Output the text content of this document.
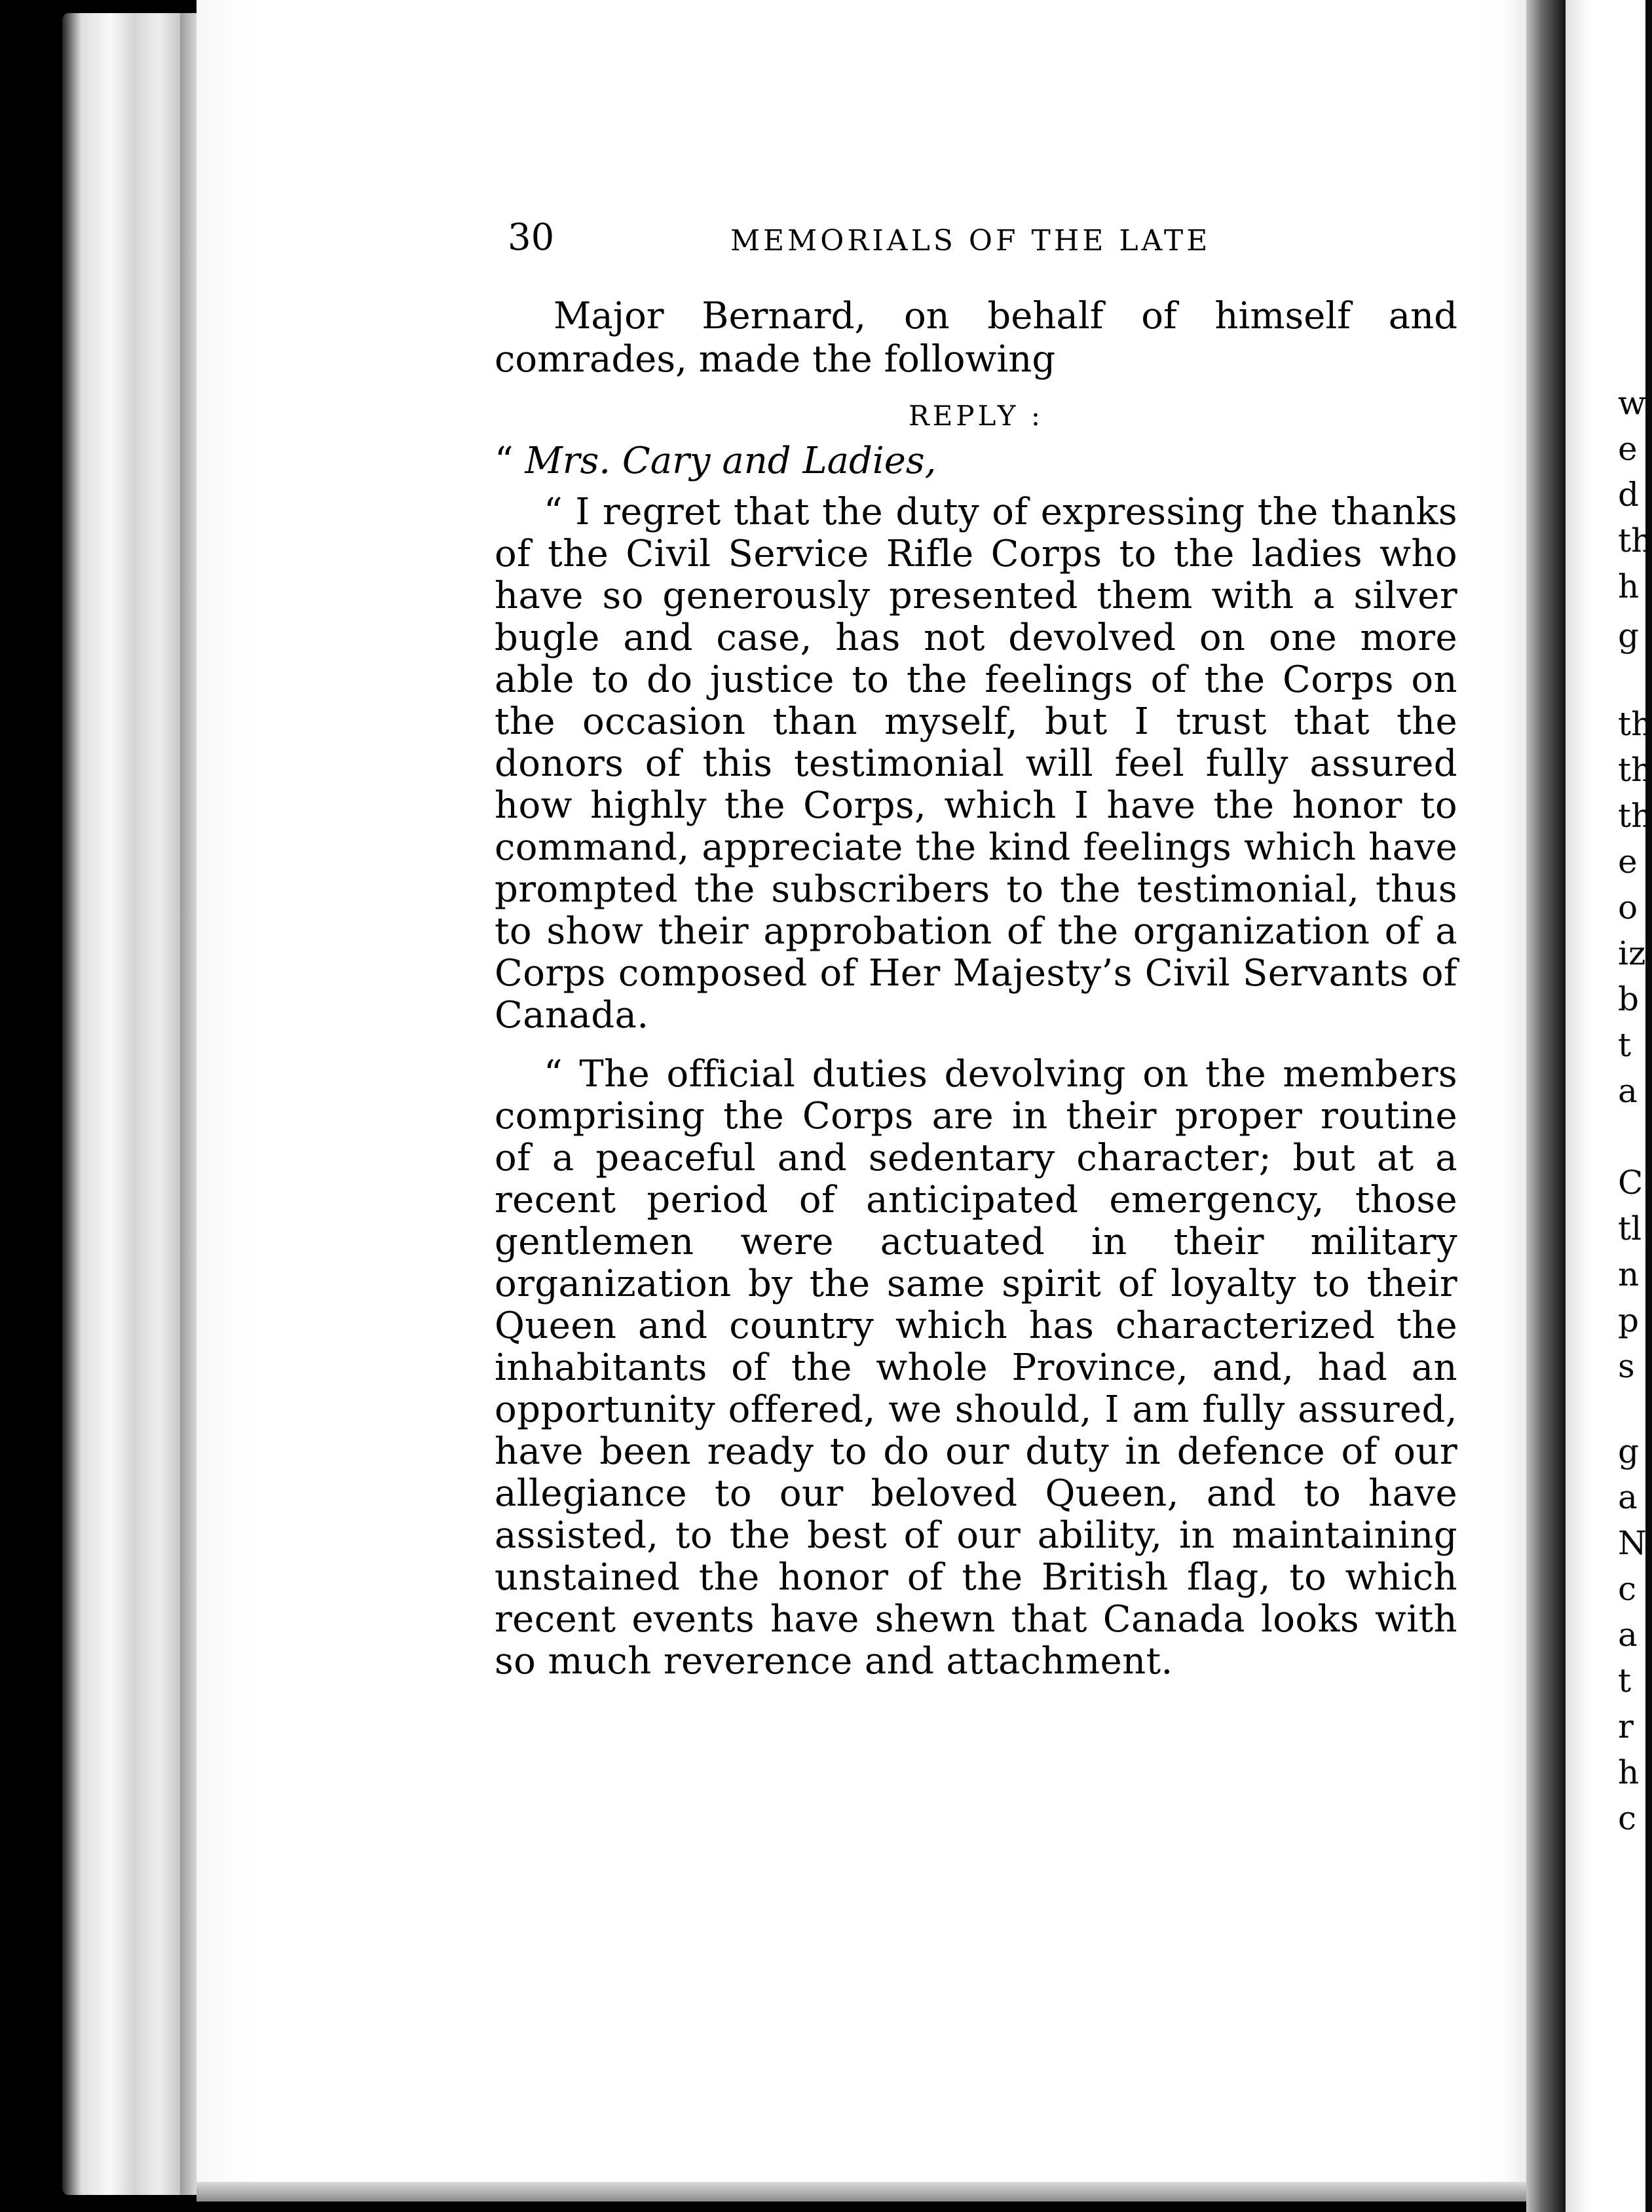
30	MEMORIALS OF THE LATE

Major Bernard, on behalf of himself and comrades, made the following

REPLY :
“ Mrs. Cary and Ladies,

“ I regret that the duty of expressing the thanks of the Civil Service Rifle Corps to the ladies who have so generously presented them with a silver bugle and case, has not devolved on one more able to do justice to the feelings of the Corps on the occasion than myself, but I trust that the donors of this testimonial will feel fully assured how highly the Corps, which I have the honor to command, appreciate the kind feelings which have prompted the subscribers to the testimonial, thus to show their approbation of the organization of a Corps composed of Her Majesty’s Civil Servants of Canada.

“ The official duties devolving on the members comprising the Corps are in their proper routine of a peaceful and sedentary character; but at a recent period of anticipated emergency, those gentlemen were actuated in their military organization by the same spirit of loyalty to their Queen and country which has characterized the inhabitants of the whole Province, and, had an opportunity offered, we should, I am fully assured, have been ready to do our duty in defence of our allegiance to our beloved Queen, and to have assisted, to the best of our ability, in maintaining unstained the honor of the British flag, to which recent events have shewn that Canada looks with so much reverence and attachment.

w
e
d
th
h
g
th
th
th
e
o
iz
b
t
a
C
tl
n
p
s
g
a
N
c
a
t
r
h
c
